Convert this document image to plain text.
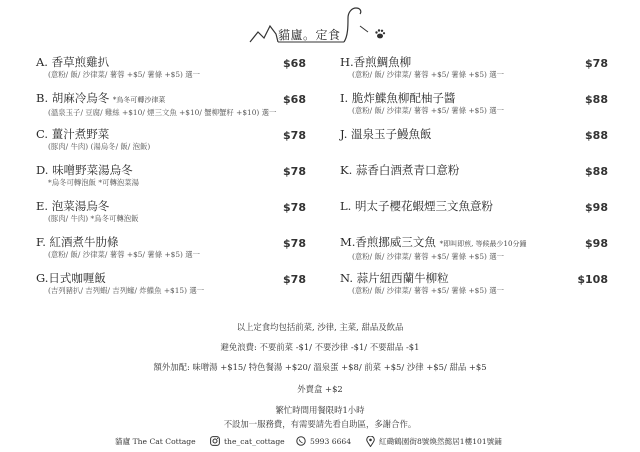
貓廬。定食
A. 香草煎雞扒
(意粉/ 飯/ 沙律菜/ 薯蓉 +$5/ 薯條 +$5) 選一
$68
B. 胡麻冷烏冬 *烏冬可轉沙律菜
(溫泉玉子/ 豆腐/ 雞絲 +$10/ 煙三文魚 +$10/ 蟹柳蟹籽 +$10) 選一
$68
C. 薑汁煮野菜
(豚肉/ 牛肉) (湯烏冬/ 飯/ 泡飯)
$78
D. 味噌野菜湯烏冬
*烏冬可轉泡飯 *可轉泡菜湯
$78
E. 泡菜湯烏冬
(豚肉/ 牛肉) *烏冬可轉泡飯
$78
F. 紅酒煮牛肋條
(意粉/ 飯/ 沙律菜/ 薯蓉 +$5/ 薯條 +$5) 選一
$78
G.日式咖喱飯
(吉列豬扒/ 吉列蝦/ 吉列蠔/ 炸鰈魚 +$15) 選一
$78
H.香煎鯛魚柳
(意粉/ 飯/ 沙律菜/ 薯蓉 +$5/ 薯條 +$5) 選一
$78
I. 脆炸鰈魚柳配柚子醬
(意粉/ 飯/ 沙律菜/ 薯蓉 +$5/ 薯條 +$5) 選一
$88
J. 溫泉玉子鰻魚飯	$88
K. 蒜香白酒煮青口意粉	$88
L. 明太子櫻花蝦煙三文魚意粉	$98
M.香煎挪威三文魚 *即叫即煎, 等候最少10分鐘
(意粉/ 飯/ 沙律菜/ 薯蓉 +$5/ 薯條 +$5) 選一
$98
N. 蒜片紐西蘭牛柳粒
(意粉/ 飯/ 沙律菜/ 薯蓉 +$5/ 薯條 +$5) 選一
$108
以上定食均包括前菜, 沙律, 主菜, 甜品及飲品
避免浪費: 不要前菜 -$1/ 不要沙律 -$1/ 不要甜品 -$1
額外加配: 味噌湯 +$15/ 特色餐湯 +$20/ 溫泉蛋 +$8/ 前菜 +$5/ 沙律 +$5/ 甜品 +$5
外賣盒 +$2
繁忙時間用餐限時1小時
不設加一服務費，有需要請先看自助區，多謝合作。
貓廬 The Cat Cottage	the_cat_cottage	5993 6664	紅磡鶴園街8號煥然懿居1樓101號鋪
